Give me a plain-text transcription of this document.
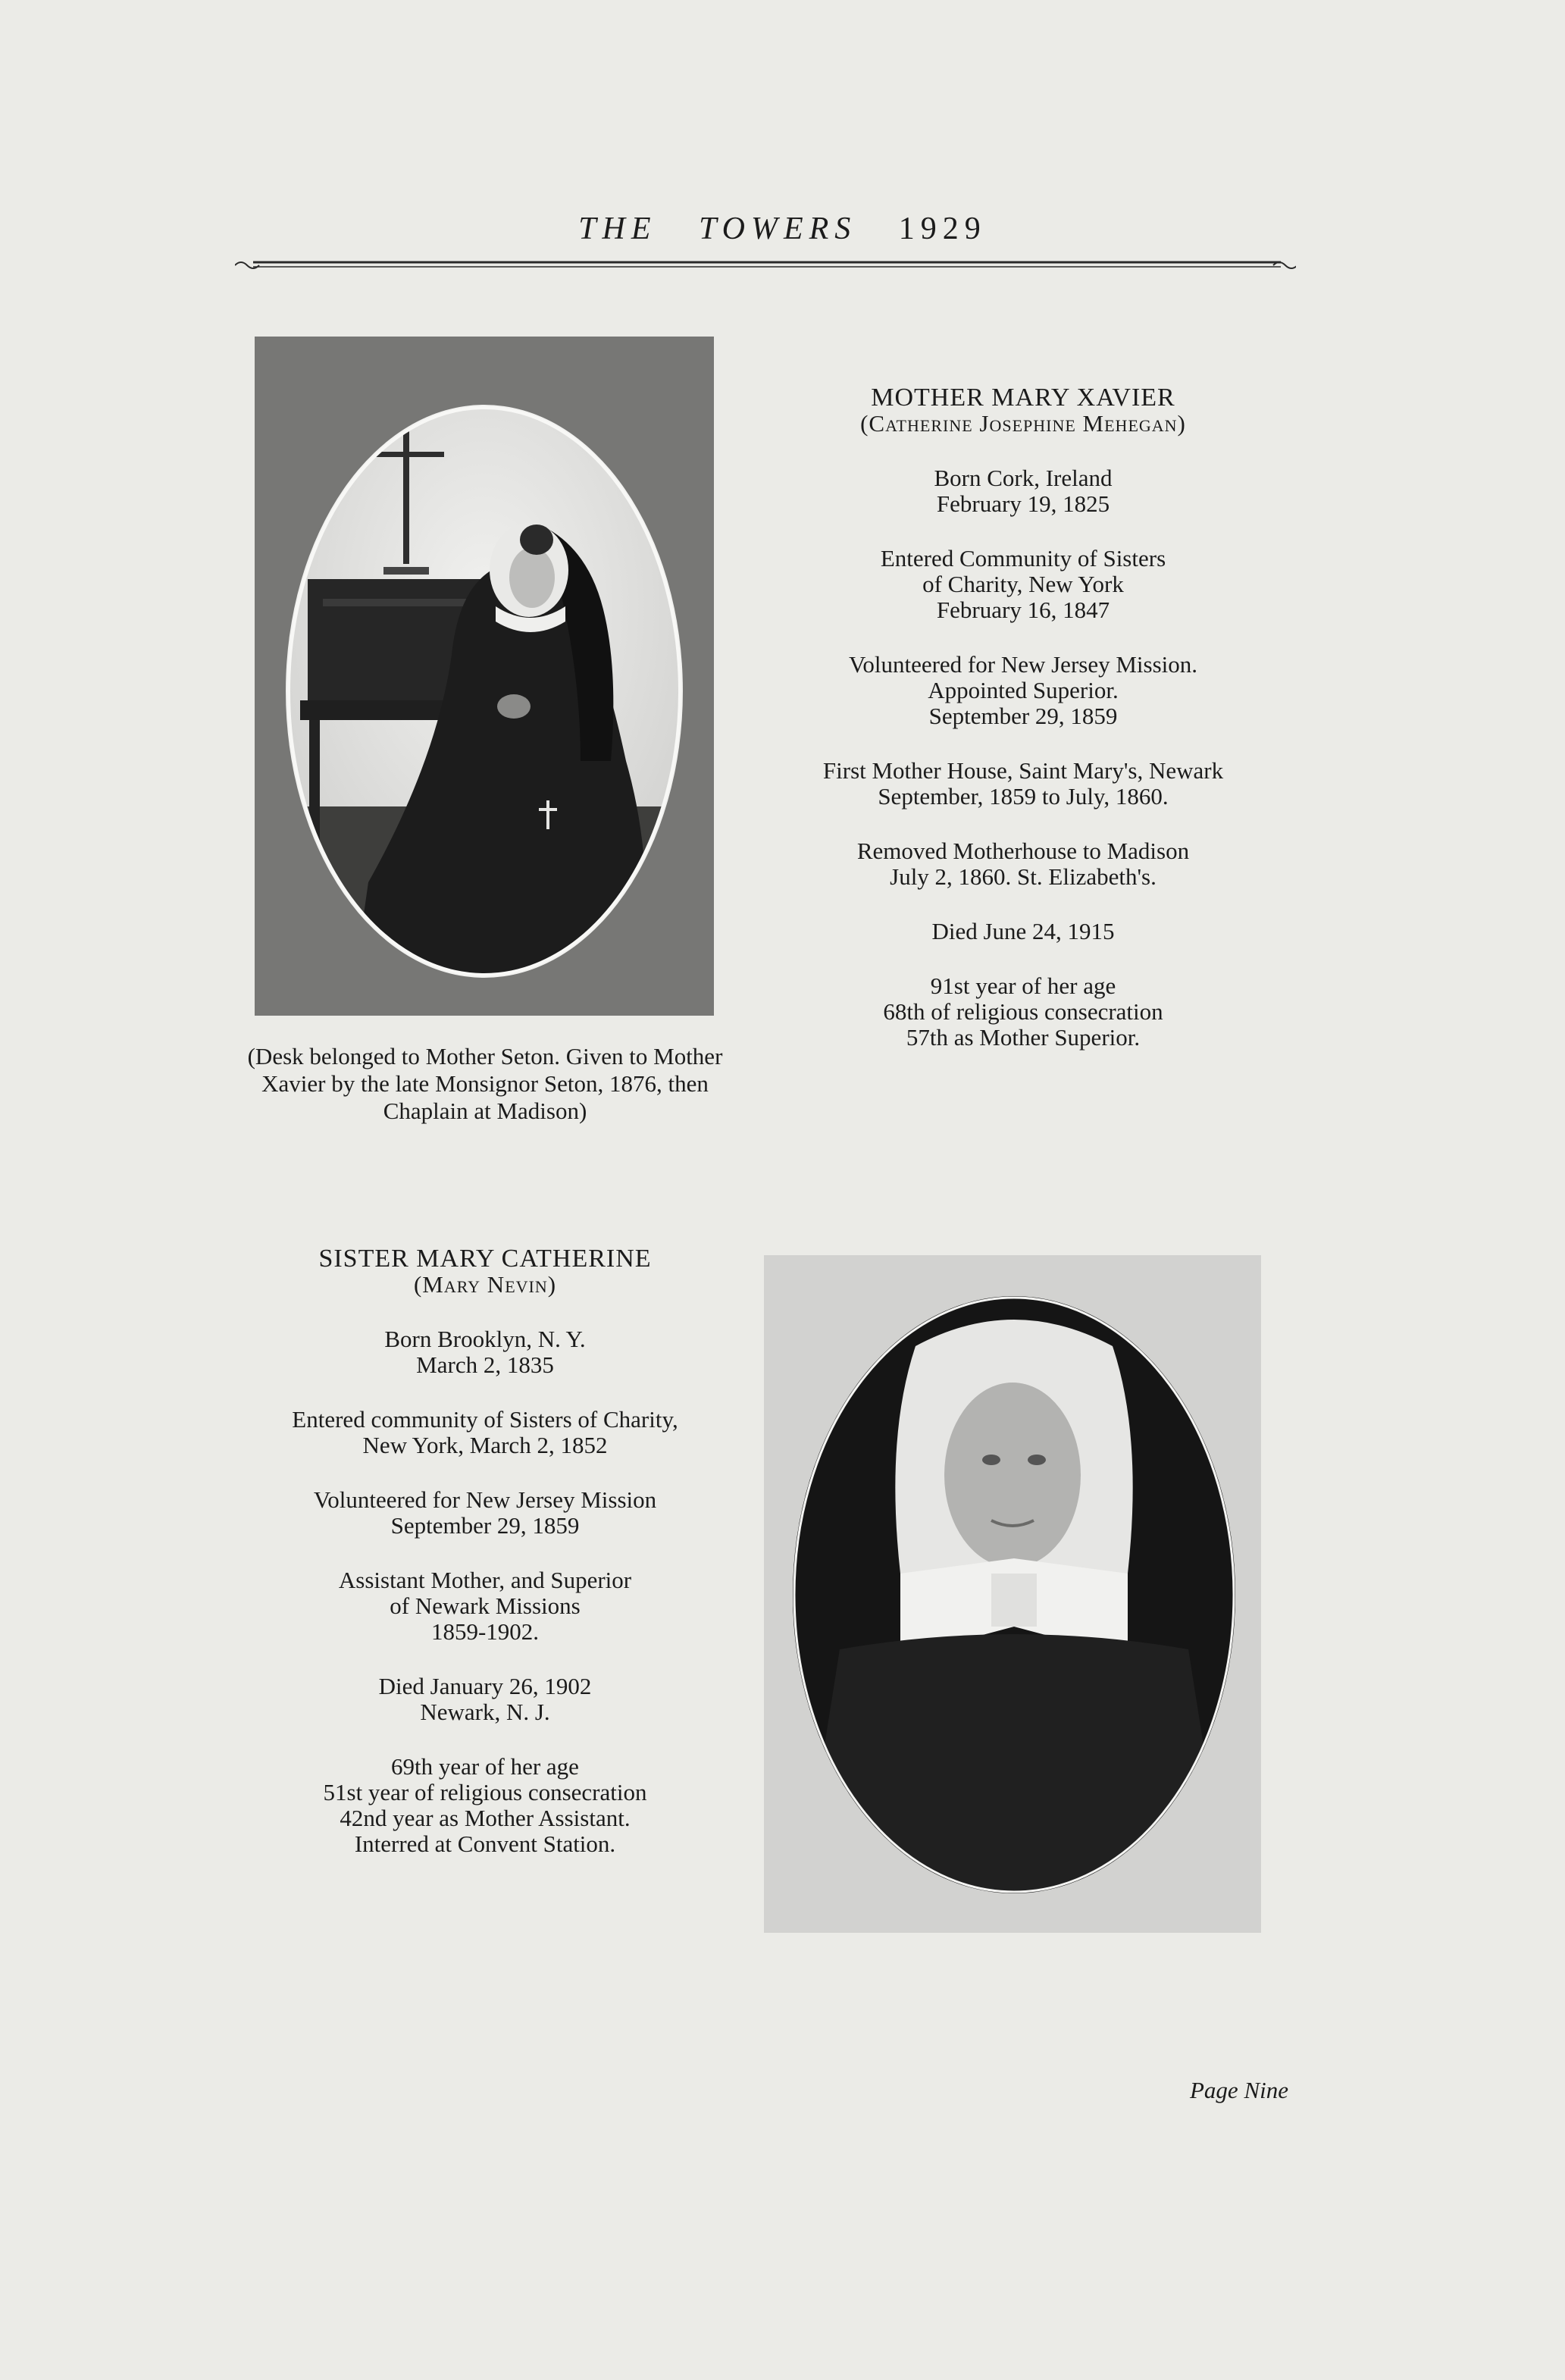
THE TOWERS 1929
(Desk belonged to Mother Seton. Given to Mother Xavier by the late Monsignor Seton, 1876, then Chaplain at Madison)
MOTHER MARY XAVIER
(Catherine Josephine Mehegan)
Born Cork, Ireland
February 19, 1825
Entered Community of Sisters
of Charity, New York
February 16, 1847
Volunteered for New Jersey Mission.
Appointed Superior.
September 29, 1859
First Mother House, Saint Mary's, Newark
September, 1859 to July, 1860.
Removed Motherhouse to Madison
July 2, 1860. St. Elizabeth's.
Died June 24, 1915
91st year of her age
68th of religious consecration
57th as Mother Superior.
SISTER MARY CATHERINE
(Mary Nevin)
Born Brooklyn, N. Y.
March 2, 1835
Entered community of Sisters of Charity,
New York, March 2, 1852
Volunteered for New Jersey Mission
September 29, 1859
Assistant Mother, and Superior
of Newark Missions
1859-1902.
Died January 26, 1902
Newark, N. J.
69th year of her age
51st year of religious consecration
42nd year as Mother Assistant.
Interred at Convent Station.
Page Nine
